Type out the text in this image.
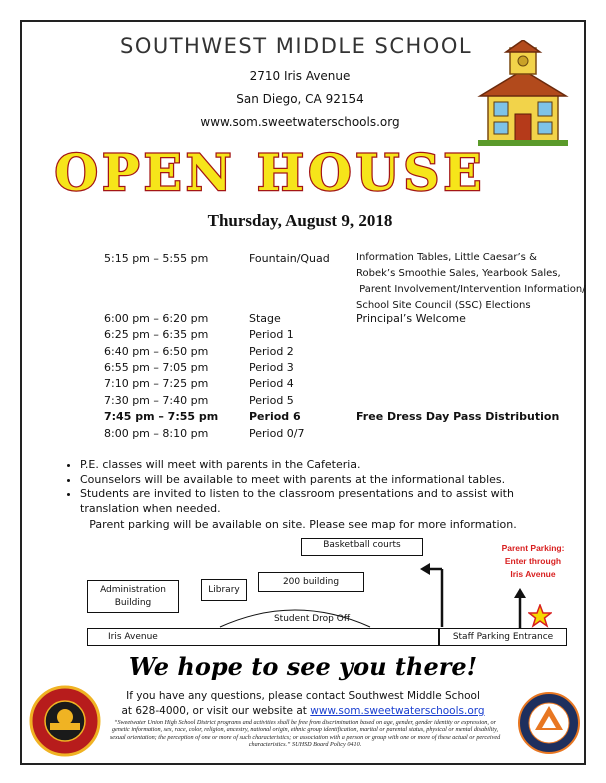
SOUTHWEST MIDDLE SCHOOL
2710 Iris Avenue
San Diego, CA 92154
www.som.sweetwaterschools.org
OPEN HOUSE
Thursday, August 9, 2018
5:15 pm – 5:55 pm	Fountain/Quad	Information Tables, Little Caesar’s &
Robek’s Smoothie Sales, Yearbook Sales,
Parent Involvement/Intervention Information/
School Site Council (SSC) Elections
6:00 pm – 6:20 pm	Stage	Principal’s Welcome
6:25 pm – 6:35 pm	Period 1
6:40 pm – 6:50 pm	Period 2
6:55 pm – 7:05 pm	Period 3
7:10 pm – 7:25 pm	Period 4
7:30 pm – 7:40 pm	Period 5
7:45 pm – 7:55 pm	Period 6	Free Dress Day Pass Distribution
8:00 pm – 8:10 pm	Period 0/7
• P.E. classes will meet with parents in the Cafeteria.
• Counselors will be available to meet with parents at the informational tables.
• Students are invited to listen to the classroom presentations and to assist with translation when needed.
Parent parking will be available on site. Please see map for more information.
Basketball courts
200 building
Library
Administration
Building
Student Drop Off
Iris Avenue	Staff Parking Entrance
Parent Parking:
Enter through
Iris Avenue
We hope to see you there!
If you have any questions, please contact Southwest Middle School
at 628-4000, or visit our website at www.som.sweetwaterschools.org
“Sweetwater Union High School District programs and activities shall be free from discrimination based on age, gender, gender identity or expression, or genetic information, sex, race, color, religion, ancestry, national origin, ethnic group identification, marital or parental status, physical or mental disability, sexual orientation; the perception of one or more of such characteristics; or association with a person or group with one or more of these actual or perceived characteristics.” SUHSD Board Policy 0410.
